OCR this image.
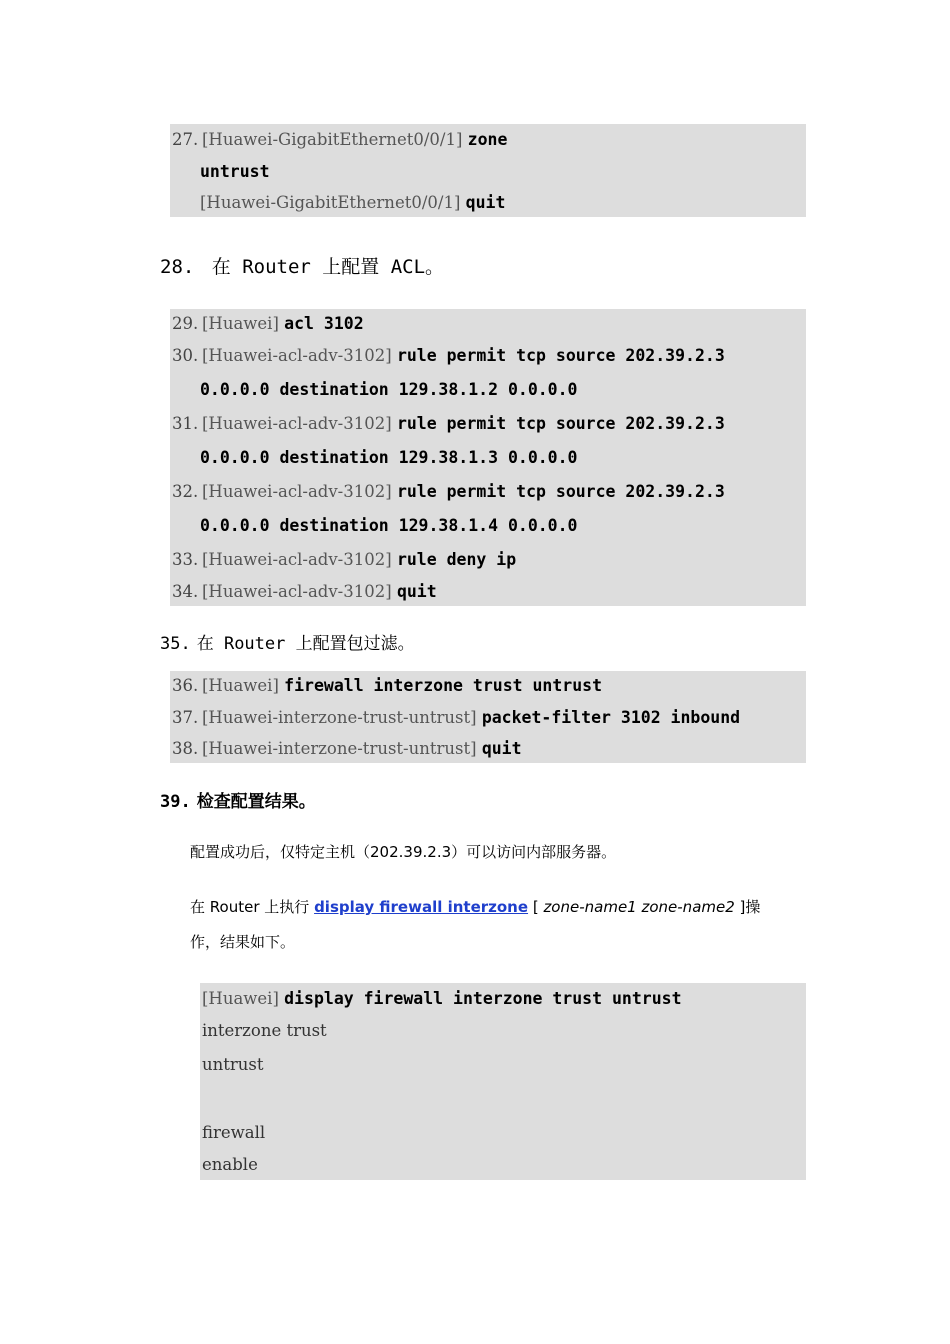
27. [Huawei-GigabitEthernet0/0/1] zone
untrust
[Huawei-GigabitEthernet0/0/1] quit
28. 在 Router 上配置 ACL。
29. [Huawei] acl 3102
30. [Huawei-acl-adv-3102] rule permit tcp source 202.39.2.3
0.0.0.0 destination 129.38.1.2 0.0.0.0
31. [Huawei-acl-adv-3102] rule permit tcp source 202.39.2.3
0.0.0.0 destination 129.38.1.3 0.0.0.0
32. [Huawei-acl-adv-3102] rule permit tcp source 202.39.2.3
0.0.0.0 destination 129.38.1.4 0.0.0.0
33. [Huawei-acl-adv-3102] rule deny ip
34. [Huawei-acl-adv-3102] quit
35. 在 Router 上配置包过滤。
36. [Huawei] firewall interzone trust untrust
37. [Huawei-interzone-trust-untrust] packet-filter 3102 inbound
38. [Huawei-interzone-trust-untrust] quit
39. 检查配置结果。
配置成功后，仅特定主机（202.39.2.3）可以访问内部服务器。
在 Router 上执行 display firewall interzone [ zone-name1 zone-name2 ]操
作，结果如下。
[Huawei] display firewall interzone trust untrust
interzone trust
untrust
firewall
enable
